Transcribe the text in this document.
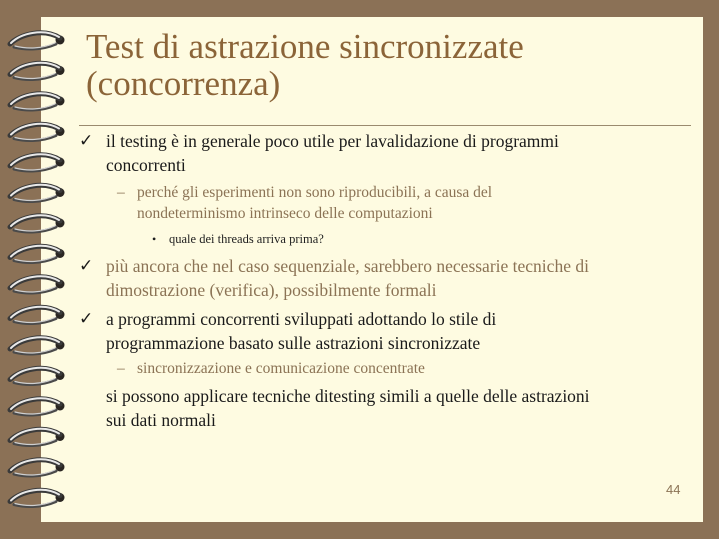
Test di astrazione sincronizzate
(concorrenza)
✓ il testing è in generale poco utile per lavalidazione di programmi
concorrenti

– perché gli esperimenti non sono riproducibili, a causa del
nondeterminismo intrinseco delle computazioni

• quale dei threads arriva prima?

✓ più ancora che nel caso sequenziale, sarebbero necessarie tecniche di
dimostrazione (verifica), possibilmente formali

✓ a programmi concorrenti sviluppati adottando lo stile di
programmazione basato sulle astrazioni sincronizzate

– sincronizzazione e comunicazione concentrate

si possono applicare tecniche ditesting simili a quelle delle astrazioni
sui dati normali

44
